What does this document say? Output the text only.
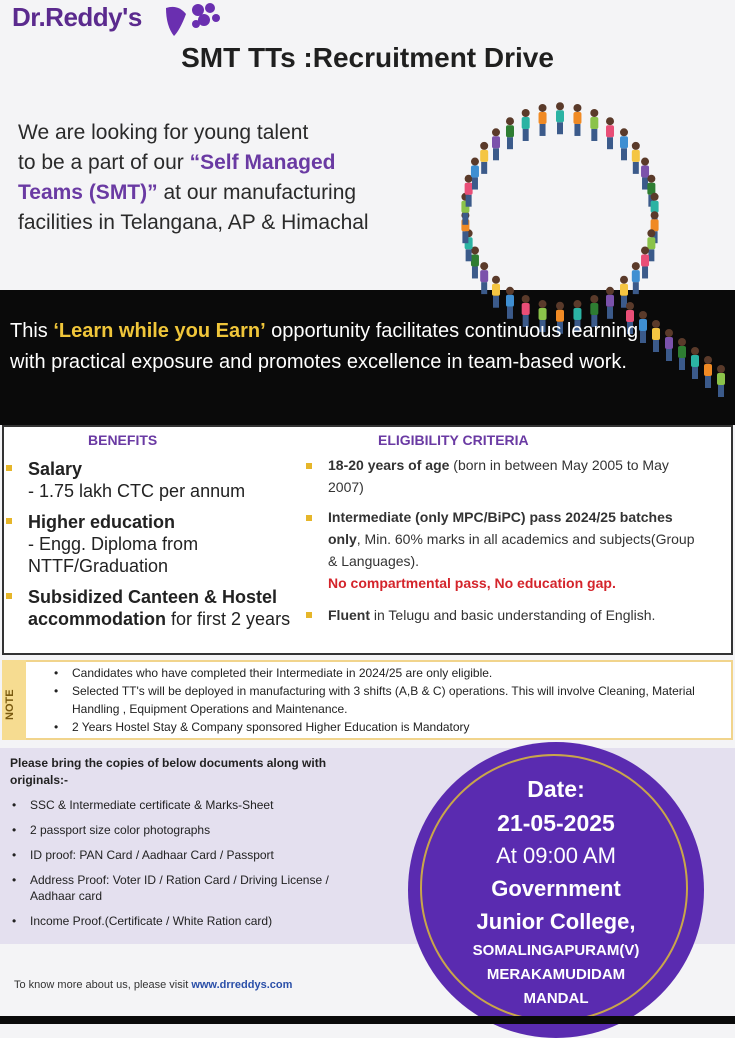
Dr.Reddy's
SMT TTs :Recruitment Drive
We are looking for young talent
to be a part of our “Self Managed
Teams (SMT)” at our manufacturing
facilities in Telangana, AP & Himachal
This ‘Learn while you Earn’ opportunity facilitates continuous learning with practical exposure and promotes excellence in team-based work.
BENEFITS	ELIGIBILITY CRITERIA
Salary
- 1.75 lakh CTC per annum
Higher education
- Engg. Diploma from NTTF/Graduation
Subsidized Canteen & Hostel accommodation for first 2 years
18-20 years of age (born in between May 2005 to May 2007)
Intermediate (only MPC/BiPC) pass 2024/25 batches only, Min. 60% marks in all academics and subjects(Group & Languages).
No compartmental pass, No education gap.
Fluent in Telugu and basic understanding of English.
NOTE
• Candidates who have completed their Intermediate in 2024/25 are only eligible.
• Selected TT's will be deployed in manufacturing with 3 shifts (A,B & C) operations. This will involve Cleaning, Material Handling , Equipment Operations and Maintenance.
• 2 Years Hostel Stay & Company sponsored Higher Education is Mandatory
Please bring the copies of below documents along with originals:-
• SSC & Intermediate certificate & Marks-Sheet
• 2 passport size color photographs
• ID proof: PAN Card / Aadhaar Card / Passport
• Address Proof: Voter ID / Ration Card / Driving License / Aadhaar card
• Income Proof.(Certificate / White Ration card)
Date:
21-05-2025
At 09:00 AM
Government
Junior College,
SOMALINGAPURAM(V)
MERAKAMUDIDAM
MANDAL
To know more about us, please visit www.drreddys.com
